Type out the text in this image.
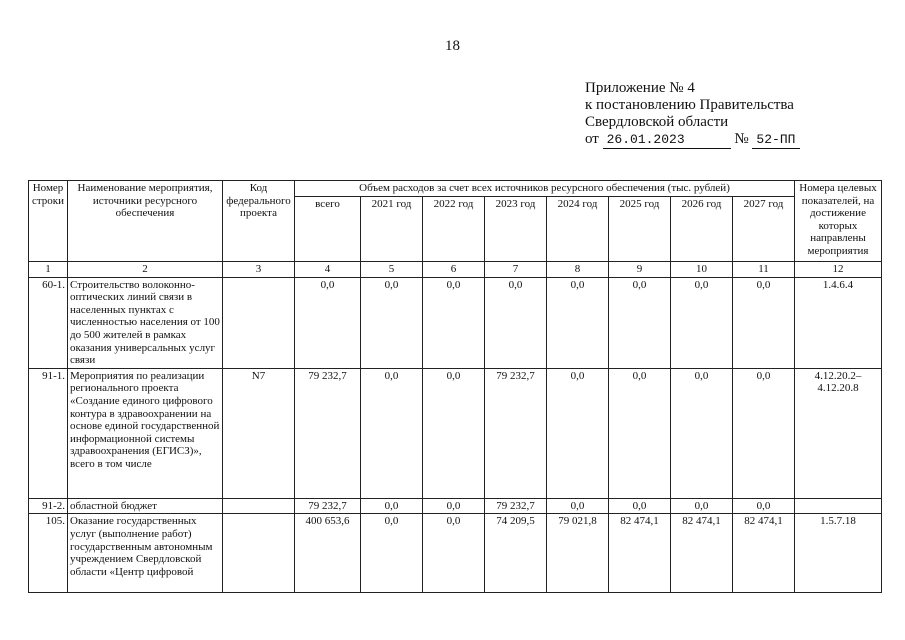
18
Приложение № 4
к постановлению Правительства
Свердловской области
от 26.01.2023	№ 52-ПП
Номер строки	Наименование мероприятия, источники ресурсного обеспечения	Код федерального проекта	Объем расходов за счет всех источников ресурсного обеспечения (тыс. рублей)								Номера целевых показателей, на достижение которых направлены мероприятия
			всего	2021 год	2022 год	2023 год	2024 год	2025 год	2026 год	2027 год	
1	2	3	4	5	6	7	8	9	10	11	12
60-1.	Строительство волоконно-оптических линий связи в населенных пунктах с численностью населения от 100 до 500 жителей в рамках оказания универсальных услуг связи		0,0	0,0	0,0	0,0	0,0	0,0	0,0	0,0	1.4.6.4
91-1.	Мероприятия по реализации регионального проекта «Создание единого цифрового контура в здравоохранении на основе единой государственной информационной системы здравоохранения (ЕГИСЗ)», всего в том числе	N7	79 232,7	0,0	0,0	79 232,7	0,0	0,0	0,0	0,0	4.12.20.2–4.12.20.8
91-2.	областной бюджет		79 232,7	0,0	0,0	79 232,7	0,0	0,0	0,0	0,0	
105.	Оказание государственных услуг (выполнение работ) государственным автономным учреждением Свердловской области «Центр цифровой		400 653,6	0,0	0,0	74 209,5	79 021,8	82 474,1	82 474,1	82 474,1	1.5.7.18
